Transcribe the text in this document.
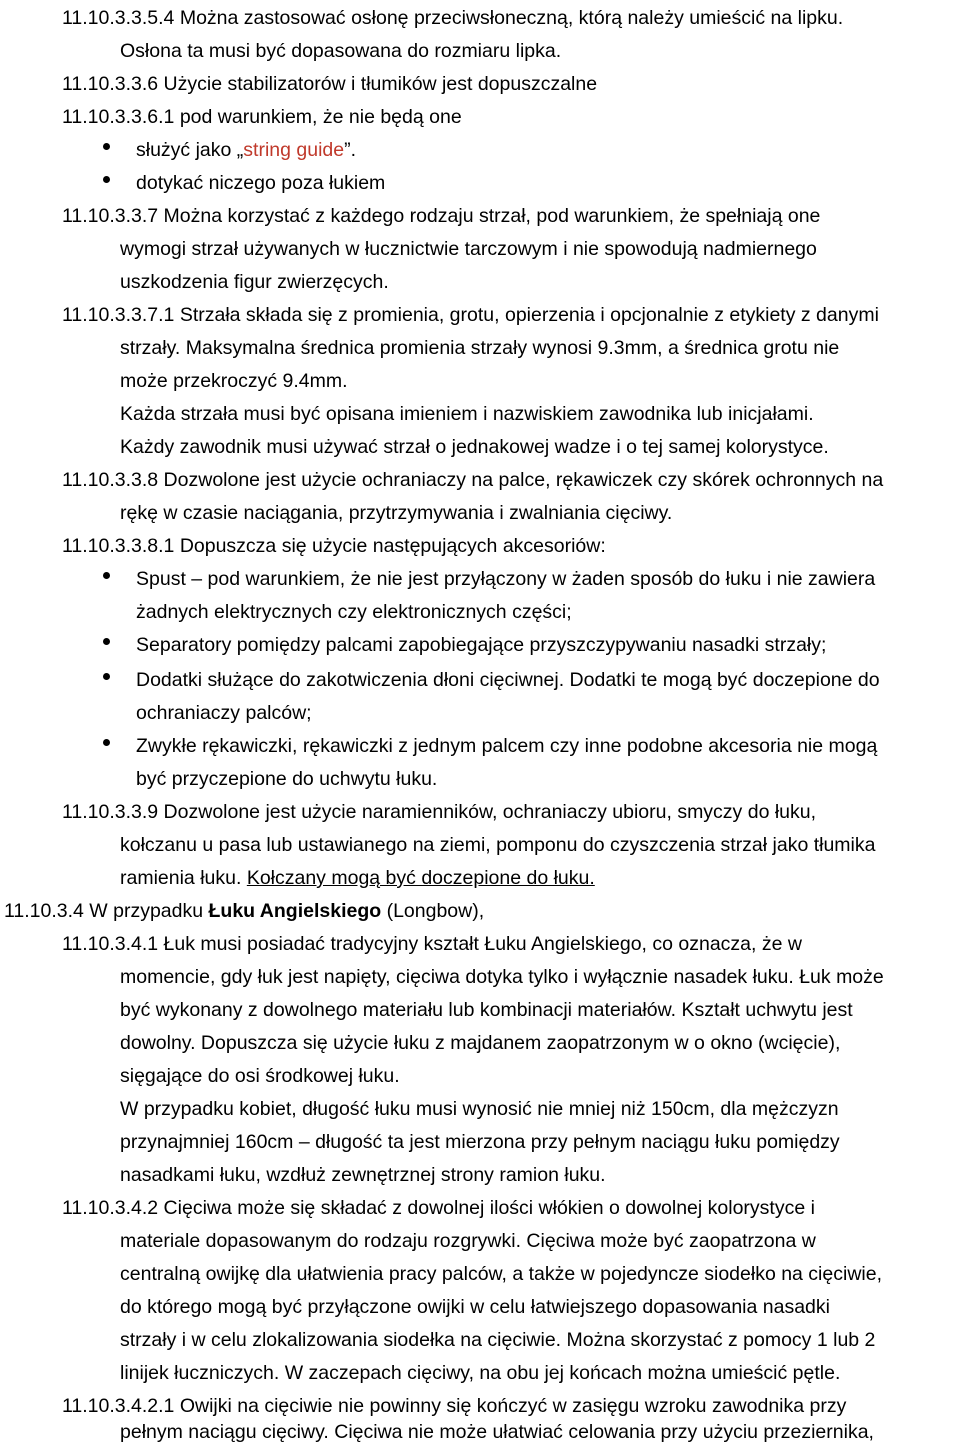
11.10.3.3.5.4 Można zastosować osłonę przeciwsłoneczną, którą należy umieścić na lipku.
Osłona ta musi być dopasowana do rozmiaru lipka.
11.10.3.3.6 Użycie stabilizatorów i tłumików jest dopuszczalne
11.10.3.3.6.1 pod warunkiem, że nie będą one
służyć jako „string guide”.
dotykać niczego poza łukiem
11.10.3.3.7 Można korzystać z każdego rodzaju strzał, pod warunkiem, że spełniają one
wymogi strzał używanych w łucznictwie tarczowym i nie spowodują nadmiernego
uszkodzenia figur zwierzęcych.
11.10.3.3.7.1 Strzała składa się z promienia, grotu, opierzenia i opcjonalnie z etykiety z danymi
strzały. Maksymalna średnica promienia strzały wynosi 9.3mm, a średnica grotu nie
może przekroczyć 9.4mm.
Każda strzała musi być opisana imieniem i nazwiskiem zawodnika lub inicjałami.
Każdy zawodnik musi używać strzał o jednakowej wadze i o tej samej kolorystyce.
11.10.3.3.8 Dozwolone jest użycie ochraniaczy na palce, rękawiczek czy skórek ochronnych na
rękę w czasie naciągania, przytrzymywania i zwalniania cięciwy.
11.10.3.3.8.1 Dopuszcza się użycie następujących akcesoriów:
Spust – pod warunkiem, że nie jest przyłączony w żaden sposób do łuku i nie zawiera
żadnych elektrycznych czy elektronicznych części;
Separatory pomiędzy palcami zapobiegające przyszczypywaniu nasadki strzały;
Dodatki służące do zakotwiczenia dłoni cięciwnej. Dodatki te mogą być doczepione do
ochraniaczy palców;
Zwykłe rękawiczki, rękawiczki z jednym palcem czy inne podobne akcesoria nie mogą
być przyczepione do uchwytu łuku.
11.10.3.3.9 Dozwolone jest użycie naramienników, ochraniaczy ubioru, smyczy do łuku,
kołczanu u pasa lub ustawianego na ziemi, pomponu do czyszczenia strzał jako tłumika
ramienia łuku. Kołczany mogą być doczepione do łuku.
11.10.3.4 W przypadku Łuku Angielskiego (Longbow),
11.10.3.4.1 Łuk musi posiadać tradycyjny kształt Łuku Angielskiego, co oznacza, że w
momencie, gdy łuk jest napięty, cięciwa dotyka tylko i wyłącznie nasadek łuku. Łuk może
być wykonany z dowolnego materiału lub kombinacji materiałów. Kształt uchwytu jest
dowolny. Dopuszcza się użycie łuku z majdanem zaopatrzonym w o okno (wcięcie),
sięgające do osi środkowej łuku.
W przypadku kobiet, długość łuku musi wynosić nie mniej niż 150cm, dla mężczyzn
przynajmniej 160cm – długość ta jest mierzona przy pełnym naciągu łuku pomiędzy
nasadkami łuku, wzdłuż zewnętrznej strony ramion łuku.
11.10.3.4.2 Cięciwa może się składać z dowolnej ilości włókien o dowolnej kolorystyce i
materiale dopasowanym do rodzaju rozgrywki. Cięciwa może być zaopatrzona w
centralną owijkę dla ułatwienia pracy palców, a także w pojedyncze siodełko na cięciwie,
do którego mogą być przyłączone owijki w celu łatwiejszego dopasowania nasadki
strzały i w celu zlokalizowania siodełka na cięciwie. Można skorzystać z pomocy 1 lub 2
linijek łuczniczych. W zaczepach cięciwy, na obu jej końcach można umieścić pętle.
11.10.3.4.2.1 Owijki na cięciwie nie powinny się kończyć w zasięgu wzroku zawodnika przy
pełnym naciągu cięciwy. Cięciwa nie może ułatwiać celowania przy użyciu przeziernika,
